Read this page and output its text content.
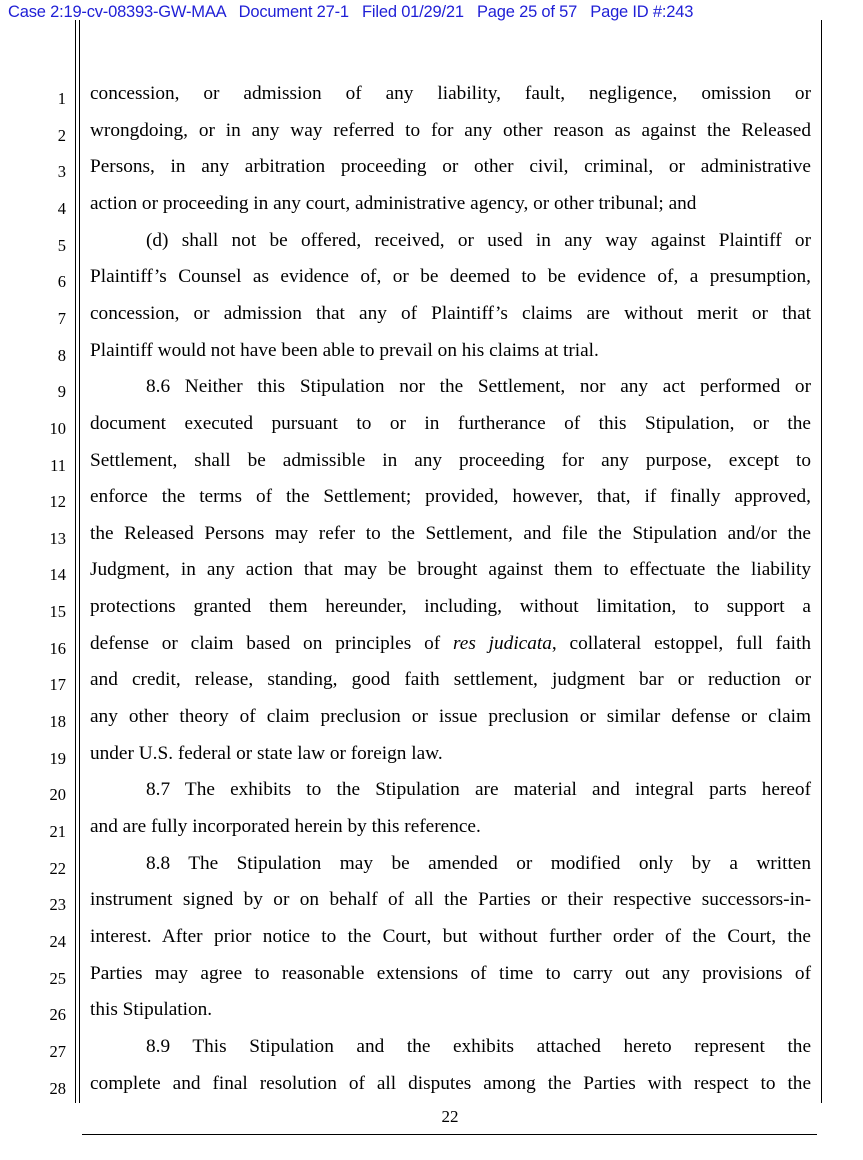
Case 2:19-cv-08393-GW-MAA   Document 27-1   Filed 01/29/21   Page 25 of 57   Page ID #:243
1 concession, or admission of any liability, fault, negligence, omission or
2 wrongdoing, or in any way referred to for any other reason as against the Released
3 Persons, in any arbitration proceeding or other civil, criminal, or administrative
4 action or proceeding in any court, administrative agency, or other tribunal; and
5	(d) shall not be offered, received, or used in any way against Plaintiff or
6 Plaintiff’s Counsel as evidence of, or be deemed to be evidence of, a presumption,
7 concession, or admission that any of Plaintiff’s claims are without merit or that
8 Plaintiff would not have been able to prevail on his claims at trial.
9	8.6 Neither this Stipulation nor the Settlement, nor any act performed or
10 document executed pursuant to or in furtherance of this Stipulation, or the
11 Settlement, shall be admissible in any proceeding for any purpose, except to
12 enforce the terms of the Settlement; provided, however, that, if finally approved,
13 the Released Persons may refer to the Settlement, and file the Stipulation and/or the
14 Judgment, in any action that may be brought against them to effectuate the liability
15 protections granted them hereunder, including, without limitation, to support a
16 defense or claim based on principles of res judicata, collateral estoppel, full faith
17 and credit, release, standing, good faith settlement, judgment bar or reduction or
18 any other theory of claim preclusion or issue preclusion or similar defense or claim
19 under U.S. federal or state law or foreign law.
20	8.7 The exhibits to the Stipulation are material and integral parts hereof
21 and are fully incorporated herein by this reference.
22	8.8 The Stipulation may be amended or modified only by a written
23 instrument signed by or on behalf of all the Parties or their respective successors-in-
24 interest. After prior notice to the Court, but without further order of the Court, the
25 Parties may agree to reasonable extensions of time to carry out any provisions of
26 this Stipulation.
27	8.9 This Stipulation and the exhibits attached hereto represent the
28 complete and final resolution of all disputes among the Parties with respect to the
22
